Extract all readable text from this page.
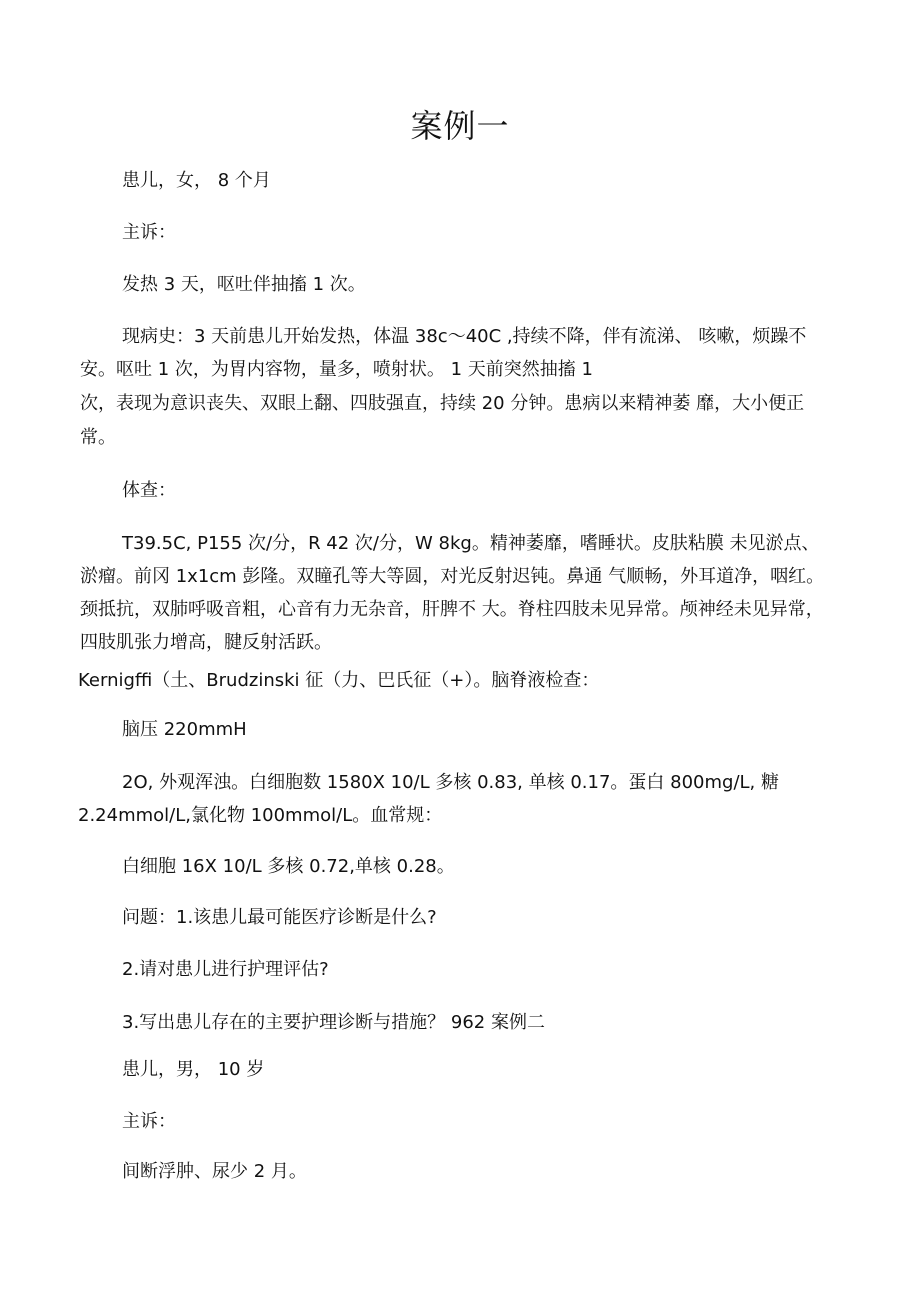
案例一
患儿，女， 8 个月
主诉：
发热 3 天，呕吐伴抽搐 1 次。
现病史：3 天前患儿开始发热，体温 38c〜40C ,持续不降，伴有流涕、 咳嗽，烦躁不
安。呕吐 1 次，为胃内容物，量多，喷射状。 1 天前突然抽搐 1
次，表现为意识丧失、双眼上翻、四肢强直，持续 20 分钟。患病以来精神萎 靡，大小便正
常。
体查：
T39.5C, P155 次/分，R 42 次/分，W 8kg。精神萎靡，嗜睡状。皮肤粘膜 未见淤点、
淤瘤。前冈 1x1cm 彭隆。双瞳孔等大等圆，对光反射迟钝。鼻通 气顺畅，外耳道净，咽红。
颈抵抗，双肺呼吸音粗，心音有力无杂音，肝脾不 大。脊柱四肢未见异常。颅神经未见异常，
四肢肌张力增高，腱反射活跃。
Kernigffi（土、Brudzinski 征（力、巴氏征（+）。脑脊液检查：
脑压 220mmH
2O, 外观浑浊。白细胞数 1580X 10/L 多核 0.83, 单核 0.17。蛋白 800mg/L, 糖
2.24mmol/L,氯化物 100mmol/L。血常规：
白细胞 16X 10/L 多核 0.72,单核 0.28。
问题：1.该患儿最可能医疗诊断是什么?
2.请对患儿进行护理评估?
3.写出患儿存在的主要护理诊断与措施？ 962 案例二
患儿，男， 10 岁
主诉：
间断浮肿、尿少 2 月。
